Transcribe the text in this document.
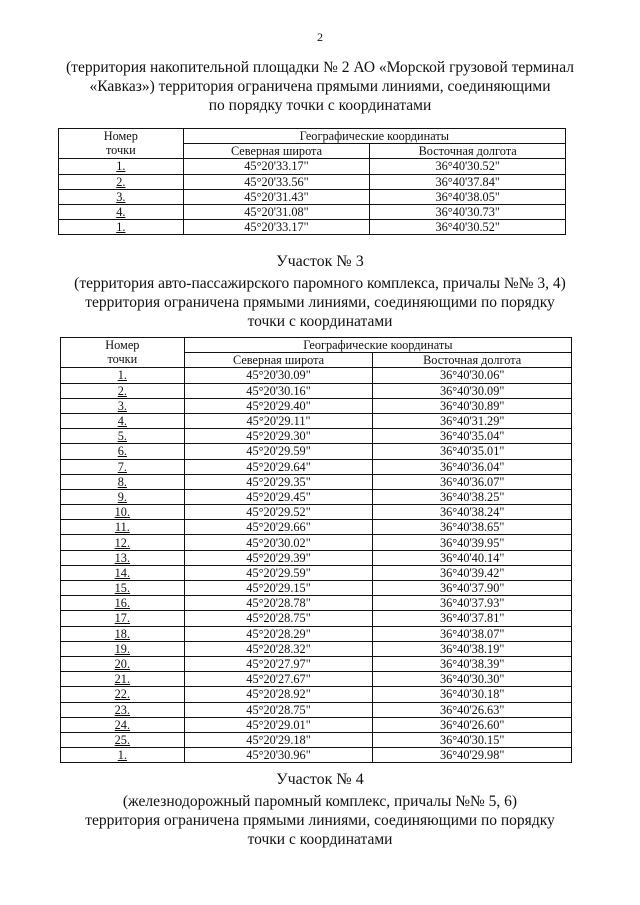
2
(территория накопительной площадки № 2 АО «Морской грузовой терминал
«Кавказ») территория ограничена прямыми линиями, соединяющими
по порядку точки с координатами
Номер
точки	Географические координаты	
	Северная широта	Восточная долгота
1.	45°20'33.17"	36°40'30.52"
2.	45°20'33.56"	36°40'37.84"
3.	45°20'31.43"	36°40'38.05"
4.	45°20'31.08"	36°40'30.73"
1.	45°20'33.17"	36°40'30.52"
Участок № 3
(территория авто-пассажирского паромного комплекса, причалы №№ 3, 4)
территория ограничена прямыми линиями, соединяющими по порядку
точки с координатами
Номер
точки	Географические координаты	
	Северная широта	Восточная долгота
1.	45°20'30.09"	36°40'30.06"
2.	45°20'30.16"	36°40'30.09"
3.	45°20'29.40"	36°40'30.89"
4.	45°20'29.11"	36°40'31.29"
5.	45°20'29.30"	36°40'35.04"
6.	45°20'29.59"	36°40'35.01"
7.	45°20'29.64"	36°40'36.04"
8.	45°20'29.35"	36°40'36.07"
9.	45°20'29.45"	36°40'38.25"
10.	45°20'29.52"	36°40'38.24"
11.	45°20'29.66"	36°40'38.65"
12.	45°20'30.02"	36°40'39.95"
13.	45°20'29.39"	36°40'40.14"
14.	45°20'29.59"	36°40'39.42"
15.	45°20'29.15"	36°40'37.90"
16.	45°20'28.78"	36°40'37.93"
17.	45°20'28.75"	36°40'37.81"
18.	45°20'28.29"	36°40'38.07"
19.	45°20'28.32"	36°40'38.19"
20.	45°20'27.97"	36°40'38.39"
21.	45°20'27.67"	36°40'30.30"
22.	45°20'28.92"	36°40'30.18"
23.	45°20'28.75"	36°40'26.63"
24.	45°20'29.01"	36°40'26.60"
25.	45°20'29.18"	36°40'30.15"
1.	45°20'30.96"	36°40'29.98"
Участок № 4
(железнодорожный паромный комплекс, причалы №№ 5, 6)
территория ограничена прямыми линиями, соединяющими по порядку
точки с координатами
